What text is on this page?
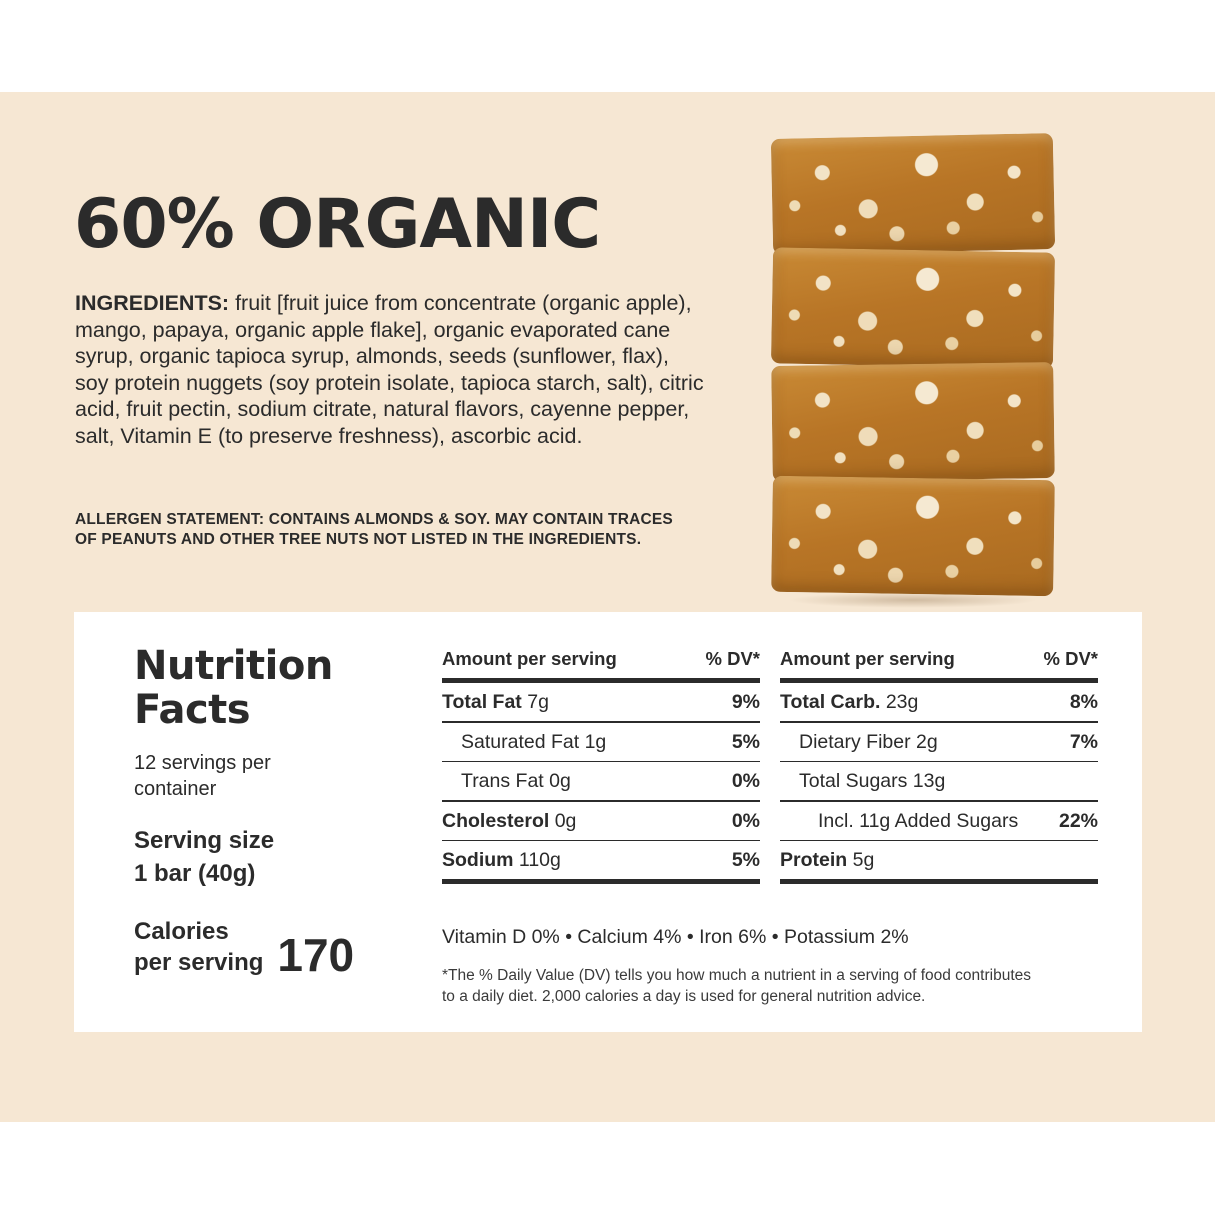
60% ORGANIC
INGREDIENTS: fruit [fruit juice from concentrate (organic apple), mango, papaya, organic apple flake], organic evaporated cane syrup, organic tapioca syrup, almonds, seeds (sunflower, flax), soy protein nuggets (soy protein isolate, tapioca starch, salt), citric acid, fruit pectin, sodium citrate, natural flavors, cayenne pepper, salt, Vitamin E (to preserve freshness), ascorbic acid.
ALLERGEN STATEMENT: CONTAINS ALMONDS & SOY. MAY CONTAIN TRACES OF PEANUTS AND OTHER TREE NUTS NOT LISTED IN THE INGREDIENTS.
Nutrition
Facts
12 servings per container
Serving size
1 bar (40g)
Calories
per serving 170
Amount per serving	% DV*
Total Fat 7g	9%
Saturated Fat 1g	5%
Trans Fat 0g	0%
Cholesterol 0g	0%
Sodium 110g	5%
Amount per serving	% DV*
Total Carb. 23g	8%
Dietary Fiber 2g	7%
Total Sugars 13g
Incl. 11g Added Sugars 22%
Protein 5g
Vitamin D 0% • Calcium 4% • Iron 6% • Potassium 2%
*The % Daily Value (DV) tells you how much a nutrient in a serving of food contributes to a daily diet. 2,000 calories a day is used for general nutrition advice.
